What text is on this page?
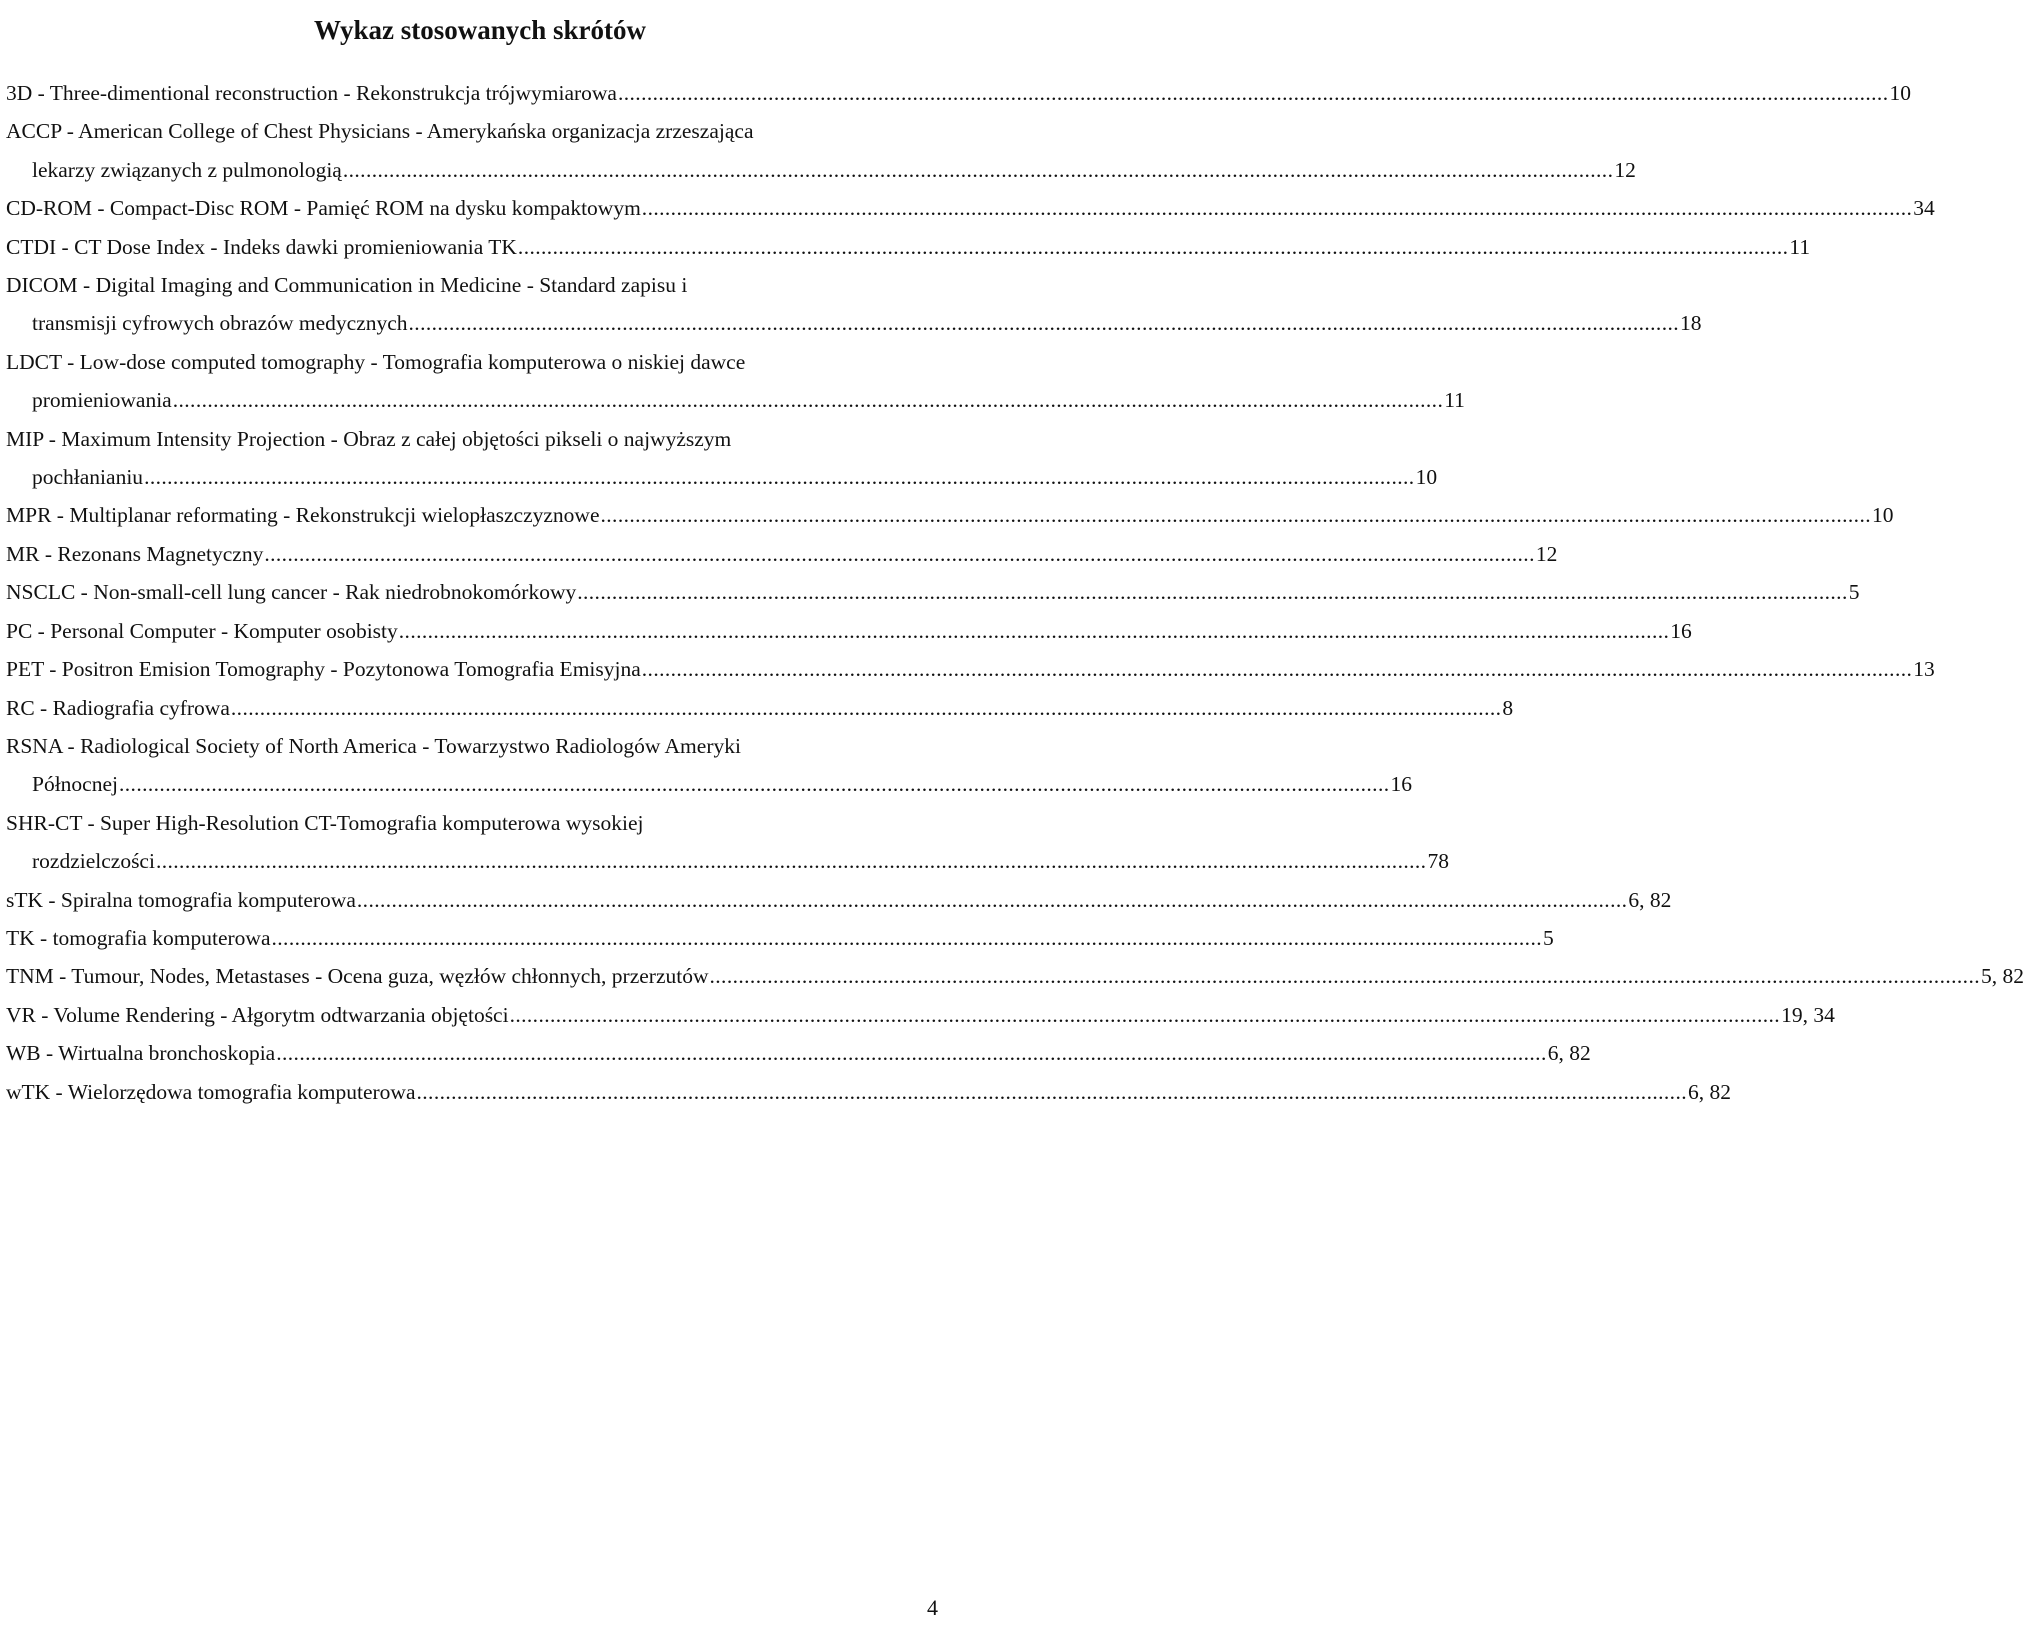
Wykaz stosowanych skrótów
3D - Three-dimentional reconstruction - Rekonstrukcja trójwymiarowa ............................................................................................................................................................................................................................ 10
ACCP - American College of Chest Physicians - Amerykańska organizacja zrzeszająca
lekarzy związanych z pulmonologią ............................................................................................................................................................................................................................ 12
CD-ROM - Compact-Disc ROM - Pamięć ROM na dysku kompaktowym ............................................................................................................................................................................................................................ 34
CTDI - CT Dose Index - Indeks dawki promieniowania TK ............................................................................................................................................................................................................................ 11
DICOM - Digital Imaging and Communication in Medicine - Standard zapisu i
transmisji cyfrowych obrazów medycznych ............................................................................................................................................................................................................................ 18
LDCT - Low-dose computed tomography - Tomografia komputerowa o niskiej dawce
promieniowania ............................................................................................................................................................................................................................ 11
MIP - Maximum Intensity Projection - Obraz z całej objętości pikseli o najwyższym
pochłanianiu ............................................................................................................................................................................................................................ 10
MPR - Multiplanar reformating - Rekonstrukcji wielopłaszczyznowe ............................................................................................................................................................................................................................ 10
MR - Rezonans Magnetyczny ............................................................................................................................................................................................................................ 12
NSCLC - Non-small-cell lung cancer - Rak niedrobnokomórkowy ............................................................................................................................................................................................................................ 5
PC - Personal Computer - Komputer osobisty ............................................................................................................................................................................................................................ 16
PET - Positron Emision Tomography - Pozytonowa Tomografia Emisyjna ............................................................................................................................................................................................................................ 13
RC - Radiografia cyfrowa ............................................................................................................................................................................................................................ 8
RSNA - Radiological Society of North America - Towarzystwo Radiologów Ameryki
Północnej ............................................................................................................................................................................................................................ 16
SHR-CT - Super High-Resolution CT-Tomografia komputerowa wysokiej
rozdzielczości ............................................................................................................................................................................................................................ 78
sTK - Spiralna tomografia komputerowa ............................................................................................................................................................................................................................ 6, 82
TK - tomografia komputerowa ............................................................................................................................................................................................................................ 5
TNM - Tumour, Nodes, Metastases - Ocena guza, węzłów chłonnych, przerzutów ............................................................................................................................................................................................................................ 5, 82
VR - Volume Rendering - Ałgorytm odtwarzania objętości ............................................................................................................................................................................................................................ 19, 34
WB - Wirtualna bronchoskopia ............................................................................................................................................................................................................................ 6, 82
wTK - Wielorzędowa tomografia komputerowa ............................................................................................................................................................................................................................ 6, 82
4
